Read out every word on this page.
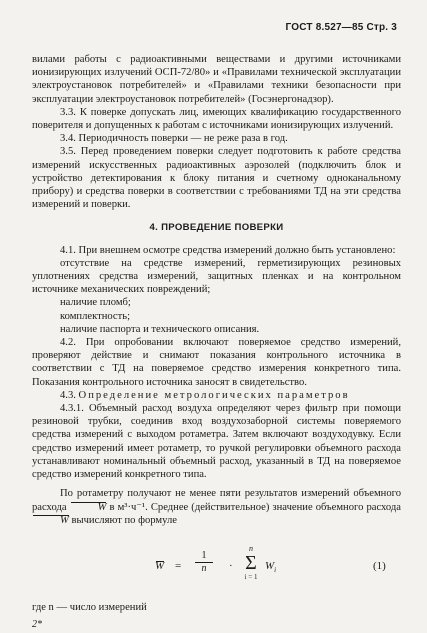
ГОСТ 8.527—85 Стр. 3

вилами работы с радиоактивными веществами и другими источниками ионизирующих излучений ОСП-72/80» и «Правилами технической эксплуатации электроустановок потребителей» и «Правилами техники безопасности при эксплуатации электроустановок потребителей» (Госэнергонадзор).

3.3. К поверке допускать лиц, имеющих квалификацию государственного поверителя и допущенных к работам с источниками ионизирующих излучений.

3.4. Периодичность поверки — не реже раза в год.

3.5. Перед проведением поверки следует подготовить к работе средства измерений искусственных радиоактивных аэрозолей (подключить блок и устройство детектирования к блоку питания и счетному одноканальному прибору) и средства поверки в соответствии с требованиями ТД на эти средства измерений и поверки.

4. ПРОВЕДЕНИЕ ПОВЕРКИ

4.1. При внешнем осмотре средства измерений должно быть установлено:

отсутствие на средстве измерений, герметизирующих резиновых уплотнениях средства измерений, защитных пленках и на контрольном источнике механических повреждений;

наличие пломб;

комплектность;

наличие паспорта и технического описания.

4.2. При опробовании включают поверяемое средство измерений, проверяют действие и снимают показания контрольного источника в соответствии с ТД на поверяемое средство измерения конкретного типа. Показания контрольного источника заносят в свидетельство.

4.3. Определение метрологических параметров

4.3.1. Объемный расход воздуха определяют через фильтр при помощи резиновой трубки, соединив вход воздухозаборной системы поверяемого средства измерений с выходом ротаметра. Затем включают воздуходувку. Если средство измерений имеет ротаметр, то ручкой регулировки объемного расхода устанавливают номинальный объемный расход, указанный в ТД на поверяемое средство измерений конкретного типа.

По ротаметру получают не менее пяти результатов измерений объемного расхода	W в м³·ч⁻¹. Среднее (действительное) значение объемного расхода W вычисляют по формуле

$W = \frac{1}{n}$ ·
n
Σ
i = 1
$W_i$	(1)
где n — число измерений
2*
